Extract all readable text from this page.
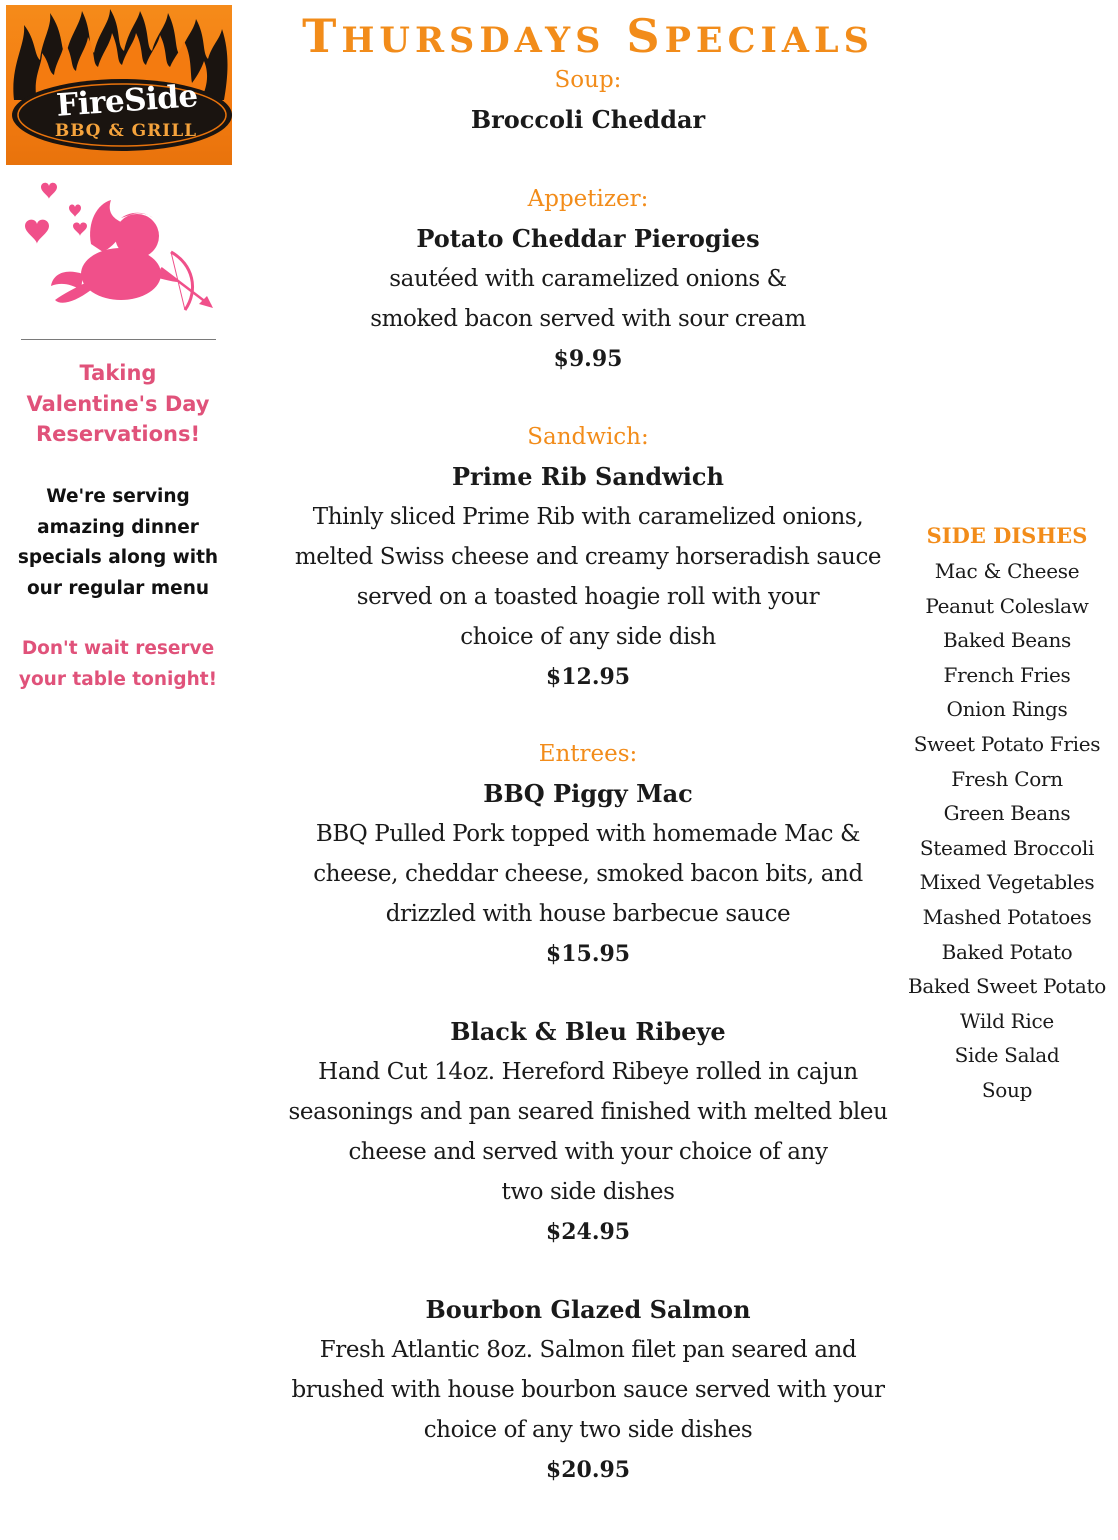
FireSide
BBQ & GRILL
Taking
Valentine's Day
Reservations!
We're serving
amazing dinner
specials along with
our regular menu
Don't wait reserve
your table tonight!
THURSDAYS SPECIALS
Soup:
Broccoli Cheddar
Appetizer:
Potato Cheddar Pierogies
sautéed with caramelized onions &
smoked bacon served with sour cream
$9.95
Sandwich:
Prime Rib Sandwich
Thinly sliced Prime Rib with caramelized onions,
melted Swiss cheese and creamy horseradish sauce
served on a toasted hoagie roll with your
choice of any side dish
$12.95
Entrees:
BBQ Piggy Mac
BBQ Pulled Pork topped with homemade Mac &
cheese, cheddar cheese, smoked bacon bits, and
drizzled with house barbecue sauce
$15.95
Black & Bleu Ribeye
Hand Cut 14oz. Hereford Ribeye rolled in cajun
seasonings and pan seared finished with melted bleu
cheese and served with your choice of any
two side dishes
$24.95
Bourbon Glazed Salmon
Fresh Atlantic 8oz. Salmon filet pan seared and
brushed with house bourbon sauce served with your
choice of any two side dishes
$20.95
SIDE DISHES
Mac & Cheese
Peanut Coleslaw
Baked Beans
French Fries
Onion Rings
Sweet Potato Fries
Fresh Corn
Green Beans
Steamed Broccoli
Mixed Vegetables
Mashed Potatoes
Baked Potato
Baked Sweet Potato
Wild Rice
Side Salad
Soup
